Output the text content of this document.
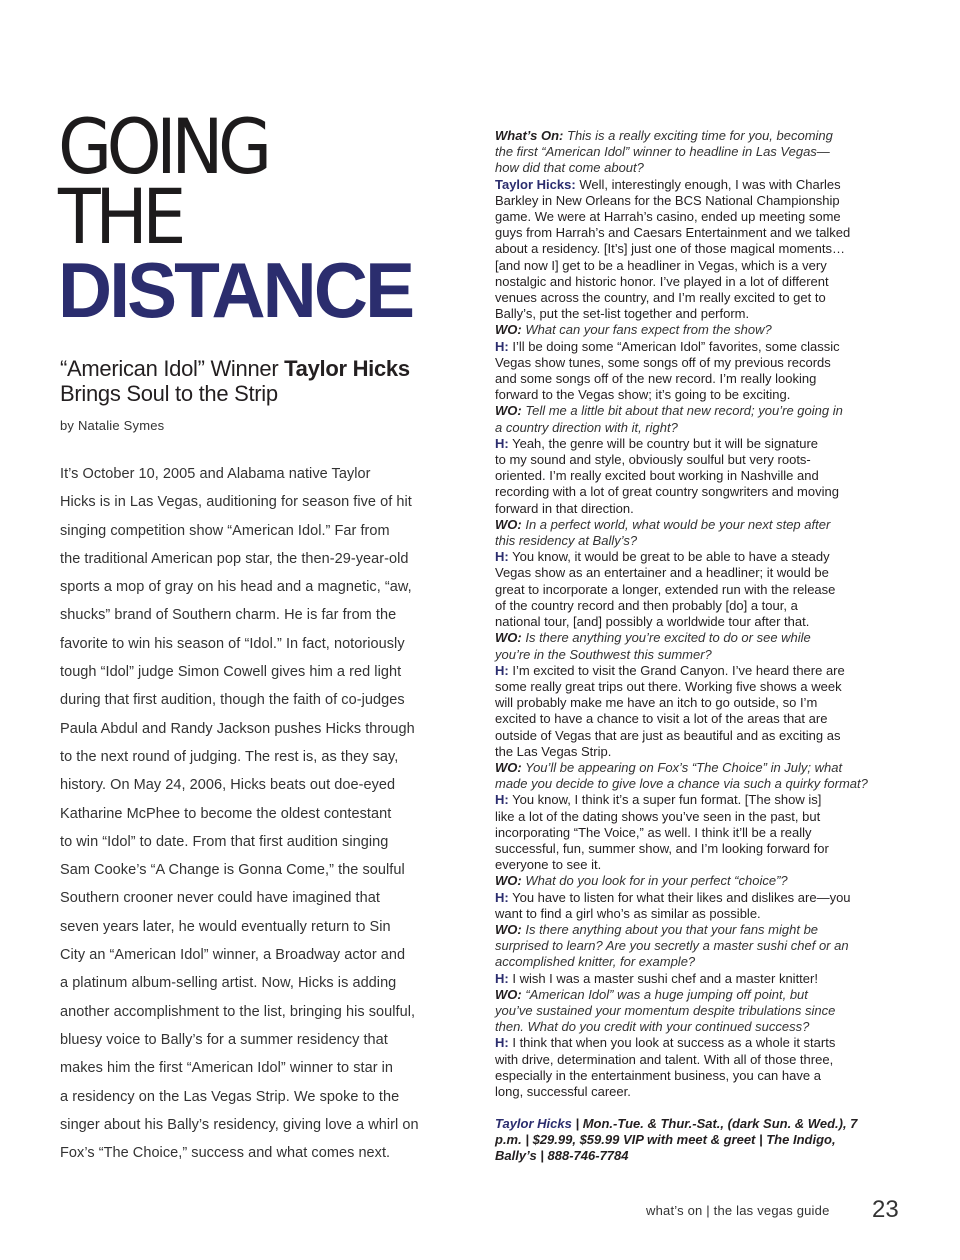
GOING
THE
DISTANCE
“American Idol” Winner Taylor Hicks
Brings Soul to the Strip
by Natalie Symes
It’s October 10, 2005 and Alabama native Taylor
Hicks is in Las Vegas, auditioning for season five of hit
singing competition show “American Idol.” Far from
the traditional American pop star, the then-29-year-old
sports a mop of gray on his head and a magnetic, “aw,
shucks” brand of Southern charm. He is far from the
favorite to win his season of “Idol.” In fact, notoriously
tough “Idol” judge Simon Cowell gives him a red light
during that first audition, though the faith of co-judges
Paula Abdul and Randy Jackson pushes Hicks through
to the next round of judging. The rest is, as they say,
history. On May 24, 2006, Hicks beats out doe-eyed
Katharine McPhee to become the oldest contestant
to win “Idol” to date. From that first audition singing
Sam Cooke’s “A Change is Gonna Come,” the soulful
Southern crooner never could have imagined that
seven years later, he would eventually return to Sin
City an “American Idol” winner, a Broadway actor and
a platinum album-selling artist. Now, Hicks is adding
another accomplishment to the list, bringing his soulful,
bluesy voice to Bally’s for a summer residency that
makes him the first “American Idol” winner to star in
a residency on the Las Vegas Strip. We spoke to the
singer about his Bally’s residency, giving love a whirl on
Fox’s “The Choice,” success and what comes next.
What’s On: This is a really exciting time for you, becoming
the first “American Idol” winner to headline in Las Vegas—
how did that come about?
Taylor Hicks: Well, interestingly enough, I was with Charles
Barkley in New Orleans for the BCS National Championship
game. We were at Harrah’s casino, ended up meeting some
guys from Harrah’s and Caesars Entertainment and we talked
about a residency. [It’s] just one of those magical moments…
[and now I] get to be a headliner in Vegas, which is a very
nostalgic and historic honor. I’ve played in a lot of different
venues across the country, and I’m really excited to get to
Bally’s, put the set-list together and perform.
WO: What can your fans expect from the show?
H: I’ll be doing some “American Idol” favorites, some classic
Vegas show tunes, some songs off of my previous records
and some songs off of the new record. I’m really looking
forward to the Vegas show; it’s going to be exciting.
WO: Tell me a little bit about that new record; you’re going in
a country direction with it, right?
H: Yeah, the genre will be country but it will be signature
to my sound and style, obviously soulful but very roots-
oriented. I’m really excited bout working in Nashville and
recording with a lot of great country songwriters and moving
forward in that direction.
WO: In a perfect world, what would be your next step after
this residency at Bally’s?
H: You know, it would be great to be able to have a steady
Vegas show as an entertainer and a headliner; it would be
great to incorporate a longer, extended run with the release
of the country record and then probably [do] a tour, a
national tour, [and] possibly a worldwide tour after that.
WO: Is there anything you’re excited to do or see while
you’re in the Southwest this summer?
H: I’m excited to visit the Grand Canyon. I’ve heard there are
some really great trips out there. Working five shows a week
will probably make me have an itch to go outside, so I’m
excited to have a chance to visit a lot of the areas that are
outside of Vegas that are just as beautiful and as exciting as
the Las Vegas Strip.
WO: You’ll be appearing on Fox’s “The Choice” in July; what
made you decide to give love a chance via such a quirky format?
H: You know, I think it’s a super fun format. [The show is]
like a lot of the dating shows you’ve seen in the past, but
incorporating “The Voice,” as well. I think it’ll be a really
successful, fun, summer show, and I’m looking forward for
everyone to see it.
WO: What do you look for in your perfect “choice”?
H: You have to listen for what their likes and dislikes are—you
want to find a girl who’s as similar as possible.
WO: Is there anything about you that your fans might be
surprised to learn? Are you secretly a master sushi chef or an
accomplished knitter, for example?
H: I wish I was a master sushi chef and a master knitter!
WO: “American Idol” was a huge jumping off point, but
you’ve sustained your momentum despite tribulations since
then. What do you credit with your continued success?
H: I think that when you look at success as a whole it starts
with drive, determination and talent. With all of those three,
especially in the entertainment business, you can have a
long, successful career.
Taylor Hicks | Mon.-Tue. & Thur.-Sat., (dark Sun. & Wed.), 7
p.m. | $29.99, $59.99 VIP with meet & greet | The Indigo,
Bally’s | 888-746-7784
what’s on | the las vegas guide 23
